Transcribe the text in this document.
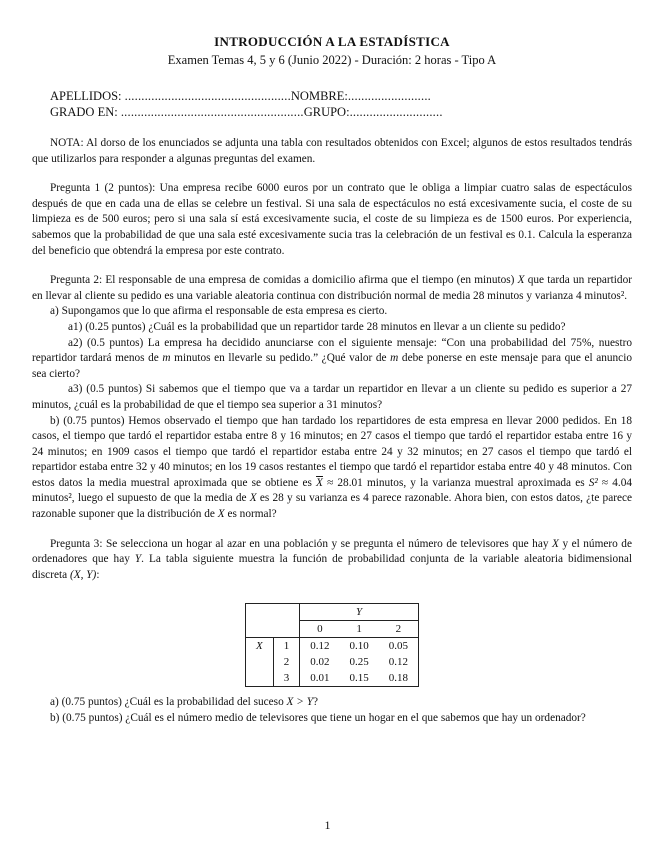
INTRODUCCIÓN A LA ESTADÍSTICA
Examen Temas 4, 5 y 6 (Junio 2022) - Duración: 2 horas - Tipo A
APELLIDOS: ..................................................NOMBRE:.........................
GRADO EN: .......................................................GRUPO:............................

NOTA: Al dorso de los enunciados se adjunta una tabla con resultados obtenidos con Excel; algunos de estos resultados tendrás que utilizarlos para responder a algunas preguntas del examen.

Pregunta 1 (2 puntos): Una empresa recibe 6000 euros por un contrato que le obliga a limpiar cuatro salas de espectáculos después de que en cada una de ellas se celebre un festival. Si una sala de espectáculos no está excesivamente sucia, el coste de su limpieza es de 500 euros; pero si una sala sí está excesivamente sucia, el coste de su limpieza es de 1500 euros. Por experiencia, sabemos que la probabilidad de que una sala esté excesivamente sucia tras la celebración de un festival es 0.1. Calcula la esperanza del beneficio que obtendrá la empresa por este contrato.

Pregunta 2: El responsable de una empresa de comidas a domicilio afirma que el tiempo (en minutos) X que tarda un repartidor en llevar al cliente su pedido es una variable aleatoria continua con distribución normal de media 28 minutos y varianza 4 minutos².

a) Supongamos que lo que afirma el responsable de esta empresa es cierto.

a1) (0.25 puntos) ¿Cuál es la probabilidad que un repartidor tarde 28 minutos en llevar a un cliente su pedido?

a2) (0.5 puntos) La empresa ha decidido anunciarse con el siguiente mensaje: “Con una probabilidad del 75%, nuestro repartidor tardará menos de m minutos en llevarle su pedido.” ¿Qué valor de m debe ponerse en este mensaje para que el anuncio sea cierto?

a3) (0.5 puntos) Si sabemos que el tiempo que va a tardar un repartidor en llevar a un cliente su pedido es superior a 27 minutos, ¿cuál es la probabilidad de que el tiempo sea superior a 31 minutos?

b) (0.75 puntos) Hemos observado el tiempo que han tardado los repartidores de esta empresa en llevar 2000 pedidos. En 18 casos, el tiempo que tardó el repartidor estaba entre 8 y 16 minutos; en 27 casos el tiempo que tardó el repartidor estaba entre 16 y 24 minutos; en 1909 casos el tiempo que tardó el repartidor estaba entre 24 y 32 minutos; en 27 casos el tiempo que tardó el repartidor estaba entre 32 y 40 minutos; en los 19 casos restantes el tiempo que tardó el repartidor estaba entre 40 y 48 minutos. Con estos datos la media muestral aproximada que se obtiene es $\overline{X} \approx 28.01$ minutos, y la varianza muestral aproximada es S² ≈ 4.04 minutos², luego el supuesto de que la media de X es 28 y su varianza es 4 parece razonable. Ahora bien, con estos datos, ¿te parece razonable suponer que la distribución de X es normal?

Pregunta 3: Se selecciona un hogar al azar en una población y se pregunta el número de televisores que hay X y el número de ordenadores que hay Y. La tabla siguiente muestra la función de probabilidad conjunta de la variable aleatoria bidimensional discreta (X, Y):

		Y		
		0	1	2
X	1	0.12	0.10	0.05
	2	0.02	0.25	0.12
	3	0.01	0.15	0.18

a) (0.75 puntos) ¿Cuál es la probabilidad del suceso X > Y?

b) (0.75 puntos) ¿Cuál es el número medio de televisores que tiene un hogar en el que sabemos que hay un ordenador?

1
